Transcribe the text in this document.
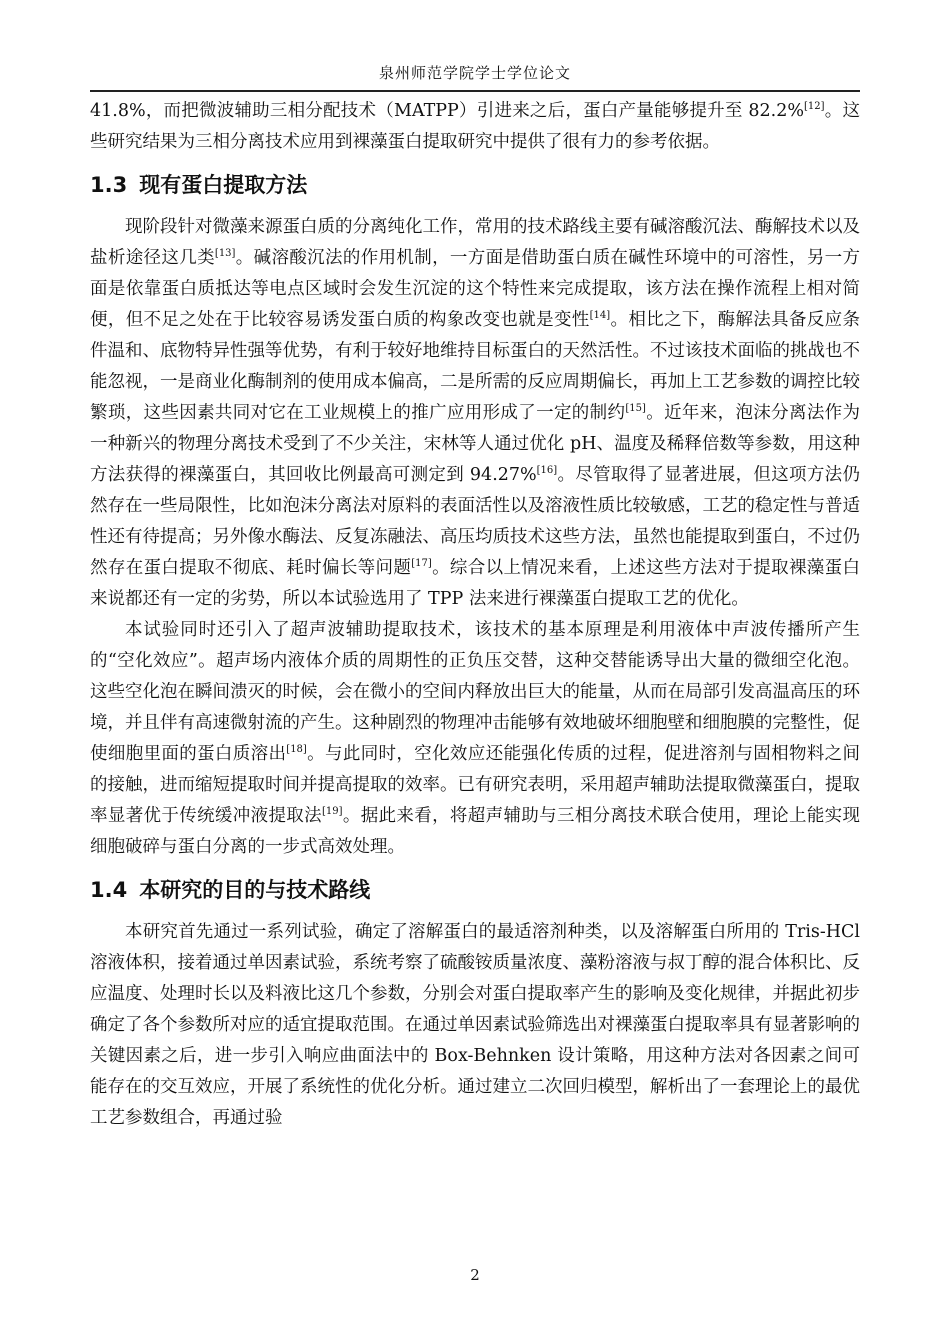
泉州师范学院学士学位论文

41.8%，而把微波辅助三相分配技术（MATPP）引进来之后，蛋白产量能够提升至 82.2%[12]。这些研究结果为三相分离技术应用到裸藻蛋白提取研究中提供了很有力的参考依据。

1.3 现有蛋白提取方法

现阶段针对微藻来源蛋白质的分离纯化工作，常用的技术路线主要有碱溶酸沉法、酶解技术以及盐析途径这几类[13]。碱溶酸沉法的作用机制，一方面是借助蛋白质在碱性环境中的可溶性，另一方面是依靠蛋白质抵达等电点区域时会发生沉淀的这个特性来完成提取，该方法在操作流程上相对简便，但不足之处在于比较容易诱发蛋白质的构象改变也就是变性[14]。相比之下，酶解法具备反应条件温和、底物特异性强等优势，有利于较好地维持目标蛋白的天然活性。不过该技术面临的挑战也不能忽视，一是商业化酶制剂的使用成本偏高，二是所需的反应周期偏长，再加上工艺参数的调控比较繁琐，这些因素共同对它在工业规模上的推广应用形成了一定的制约[15]。近年来，泡沫分离法作为一种新兴的物理分离技术受到了不少关注，宋林等人通过优化 pH、温度及稀释倍数等参数，用这种方法获得的裸藻蛋白，其回收比例最高可测定到 94.27%[16]。尽管取得了显著进展，但这项方法仍然存在一些局限性，比如泡沫分离法对原料的表面活性以及溶液性质比较敏感，工艺的稳定性与普适性还有待提高；另外像水酶法、反复冻融法、高压均质技术这些方法，虽然也能提取到蛋白，不过仍然存在蛋白提取不彻底、耗时偏长等问题[17]。综合以上情况来看，上述这些方法对于提取裸藻蛋白来说都还有一定的劣势，所以本试验选用了 TPP 法来进行裸藻蛋白提取工艺的优化。

本试验同时还引入了超声波辅助提取技术，该技术的基本原理是利用液体中声波传播所产生的“空化效应”。超声场内液体介质的周期性的正负压交替，这种交替能诱导出大量的微细空化泡。这些空化泡在瞬间溃灭的时候，会在微小的空间内释放出巨大的能量，从而在局部引发高温高压的环境，并且伴有高速微射流的产生。这种剧烈的物理冲击能够有效地破坏细胞壁和细胞膜的完整性，促使细胞里面的蛋白质溶出[18]。与此同时，空化效应还能强化传质的过程，促进溶剂与固相物料之间的接触，进而缩短提取时间并提高提取的效率。已有研究表明，采用超声辅助法提取微藻蛋白，提取率显著优于传统缓冲液提取法[19]。据此来看，将超声辅助与三相分离技术联合使用，理论上能实现细胞破碎与蛋白分离的一步式高效处理。

1.4 本研究的目的与技术路线

本研究首先通过一系列试验，确定了溶解蛋白的最适溶剂种类，以及溶解蛋白所用的 Tris-HCl 溶液体积，接着通过单因素试验，系统考察了硫酸铵质量浓度、藻粉溶液与叔丁醇的混合体积比、反应温度、处理时长以及料液比这几个参数，分别会对蛋白提取率产生的影响及变化规律，并据此初步确定了各个参数所对应的适宜提取范围。在通过单因素试验筛选出对裸藻蛋白提取率具有显著影响的关键因素之后，进一步引入响应曲面法中的 Box-Behnken 设计策略，用这种方法对各因素之间可能存在的交互效应，开展了系统性的优化分析。通过建立二次回归模型，解析出了一套理论上的最优工艺参数组合，再通过验

2
